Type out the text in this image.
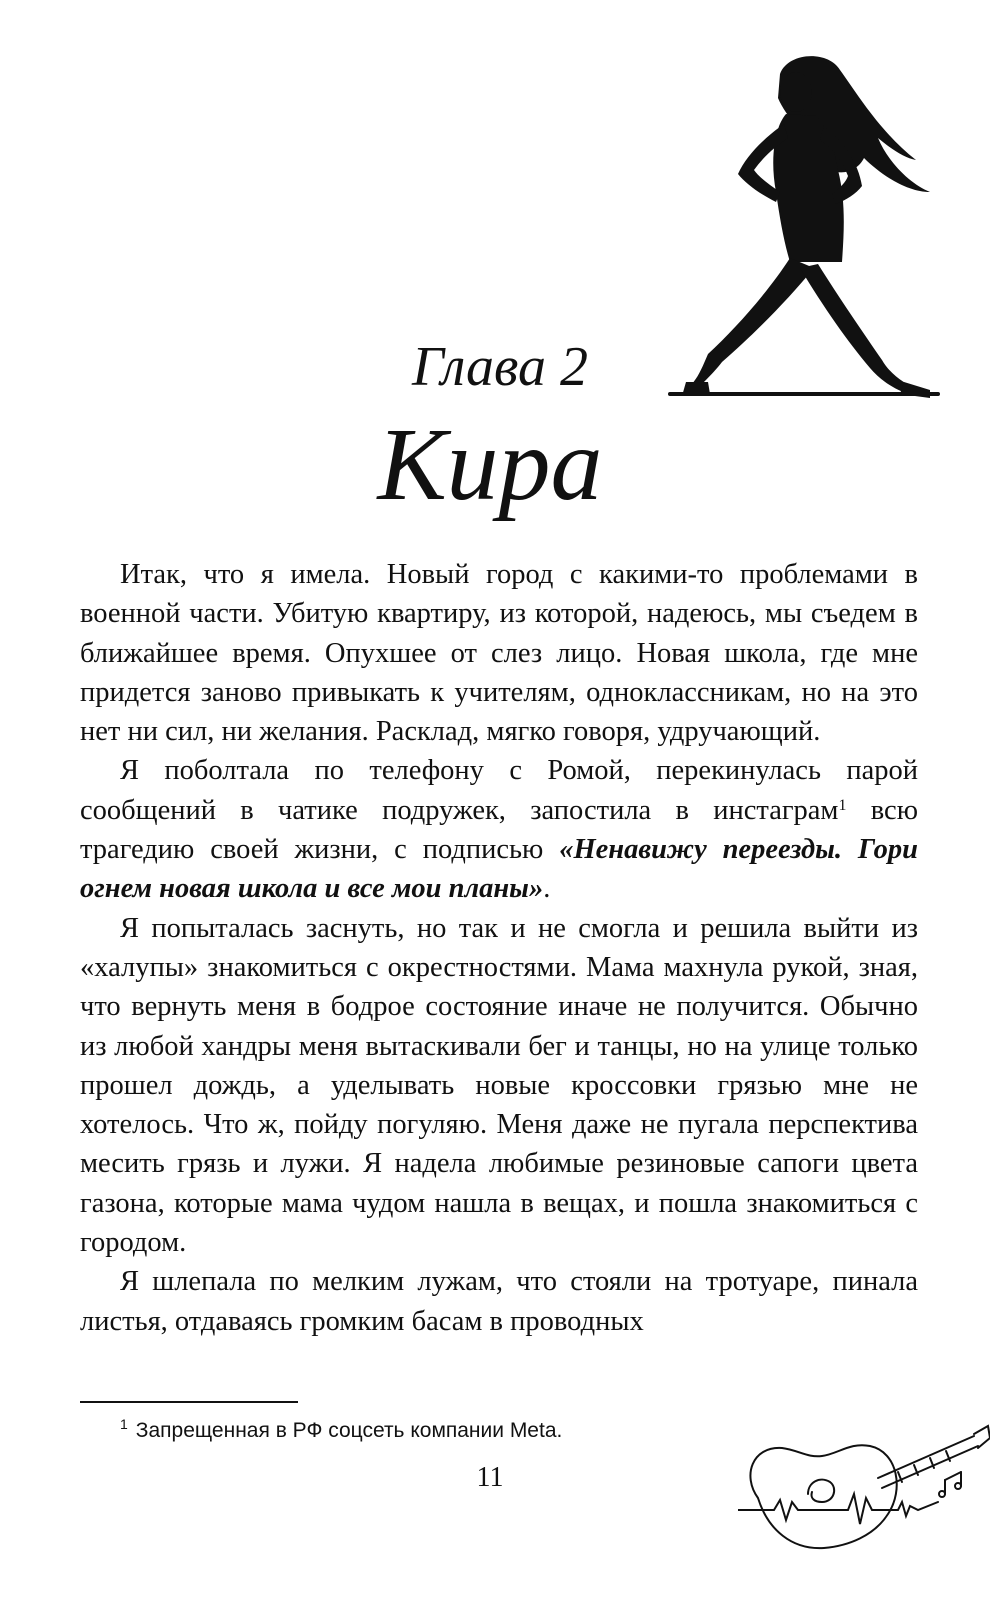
Глава 2
Кира

Итак, что я имела. Новый город с какими-то проблемами в военной части. Убитую квартиру, из которой, надеюсь, мы съедем в ближайшее время. Опухшее от слез лицо. Новая школа, где мне придется заново привыкать к учителям, одноклассникам, но на это нет ни сил, ни желания. Расклад, мягко говоря, удручающий.

Я поболтала по телефону с Ромой, перекинулась парой сообщений в чатике подружек, запостила в инстаграм$^1$ всю трагедию своей жизни, с подписью «Ненавижу переезды. Гори огнем новая школа и все мои планы».

Я попыталась заснуть, но так и не смогла и решила выйти из «халупы» знакомиться с окрестностями. Мама махнула рукой, зная, что вернуть меня в бодрое состояние иначе не получится. Обычно из любой хандры меня вытаскивали бег и танцы, но на улице только прошел дождь, а уделывать новые кроссовки грязью мне не хотелось. Что ж, пойду погуляю. Меня даже не пугала перспектива месить грязь и лужи. Я надела любимые резиновые сапоги цвета газона, которые мама чудом нашла в вещах, и пошла знакомиться с городом.

Я шлепала по мелким лужам, что стояли на тротуаре, пинала листья, отдаваясь громким басам в проводных

$^1$ Запрещенная в РФ соцсеть компании Meta.
11
